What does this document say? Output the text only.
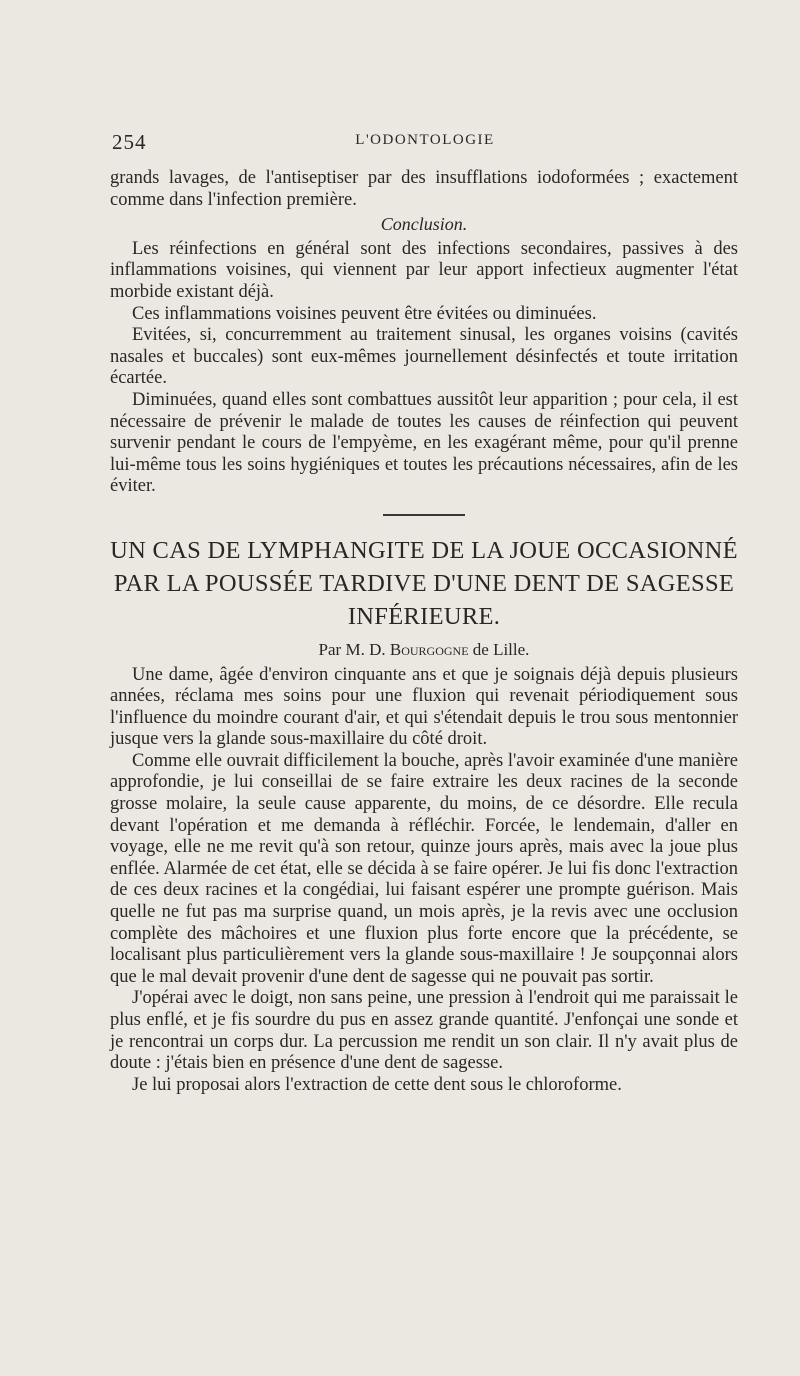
254	L'ODONTOLOGIE

grands lavages, de l'antiseptiser par des insufflations iodoformées ; exactement comme dans l'infection première.

Conclusion.

Les réinfections en général sont des infections secondaires, passives à des inflammations voisines, qui viennent par leur apport infectieux augmenter l'état morbide existant déjà.

Ces inflammations voisines peuvent être évitées ou diminuées.

Evitées, si, concurremment au traitement sinusal, les organes voisins (cavités nasales et buccales) sont eux-mêmes journellement désinfectés et toute irritation écartée.

Diminuées, quand elles sont combattues aussitôt leur apparition ; pour cela, il est nécessaire de prévenir le malade de toutes les causes de réinfection qui peuvent survenir pendant le cours de l'empyème, en les exagérant même, pour qu'il prenne lui-même tous les soins hygiéniques et toutes les précautions nécessaires, afin de les éviter.

UN CAS DE LYMPHANGITE DE LA JOUE OCCASIONNÉ PAR LA POUSSÉE TARDIVE D'UNE DENT DE SAGESSE INFÉRIEURE.
Par M. D. Bourgogne de Lille.

Une dame, âgée d'environ cinquante ans et que je soignais déjà depuis plusieurs années, réclama mes soins pour une fluxion qui revenait périodiquement sous l'influence du moindre courant d'air, et qui s'étendait depuis le trou sous mentonnier jusque vers la glande sous-maxillaire du côté droit.

Comme elle ouvrait difficilement la bouche, après l'avoir examinée d'une manière approfondie, je lui conseillai de se faire extraire les deux racines de la seconde grosse molaire, la seule cause apparente, du moins, de ce désordre. Elle recula devant l'opération et me demanda à réfléchir. Forcée, le lendemain, d'aller en voyage, elle ne me revit qu'à son retour, quinze jours après, mais avec la joue plus enflée. Alarmée de cet état, elle se décida à se faire opérer. Je lui fis donc l'extraction de ces deux racines et la congédiai, lui faisant espérer une prompte guérison. Mais quelle ne fut pas ma surprise quand, un mois après, je la revis avec une occlusion complète des mâchoires et une fluxion plus forte encore que la précédente, se localisant plus particulièrement vers la glande sous-maxillaire ! Je soupçonnai alors que le mal devait provenir d'une dent de sagesse qui ne pouvait pas sortir.

J'opérai avec le doigt, non sans peine, une pression à l'endroit qui me paraissait le plus enflé, et je fis sourdre du pus en assez grande quantité. J'enfonçai une sonde et je rencontrai un corps dur. La percussion me rendit un son clair. Il n'y avait plus de doute : j'étais bien en présence d'une dent de sagesse.

Je lui proposai alors l'extraction de cette dent sous le chloroforme.
